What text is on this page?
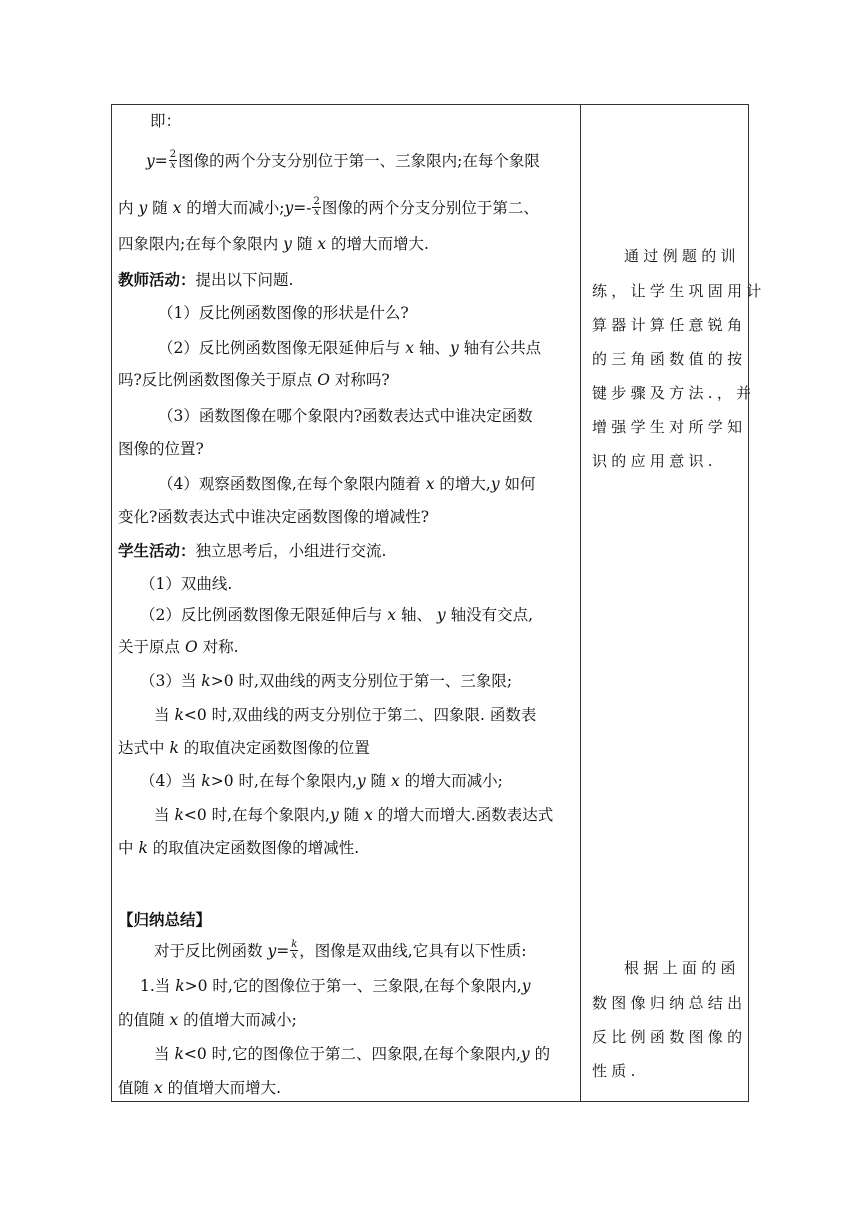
即：
$y= \frac{2}{x}$ 图像的两个分支分别位于第一、三象限内;在每个象限
内 y 随 x 的增大而减小;y=- $\frac{2}{x}$ 图像的两个分支分别位于第二、
四象限内;在每个象限内 y 随 x 的增大而增大.
教师活动：提出以下问题.
（1）反比例函数图像的形状是什么?
（2）反比例函数图像无限延伸后与 x 轴、y 轴有公共点
吗?反比例函数图像关于原点 O 对称吗?
（3）函数图像在哪个象限内?函数表达式中谁决定函数
图像的位置?
（4）观察函数图像,在每个象限内随着 x 的增大,y 如何
变化?函数表达式中谁决定函数图像的增减性?
学生活动：独立思考后，小组进行交流.
（1）双曲线.
（2）反比例函数图像无限延伸后与 x 轴、 y 轴没有交点,
关于原点 O 对称.
（3）当 k>0 时,双曲线的两支分别位于第一、三象限;
当 k<0 时,双曲线的两支分别位于第二、四象限. 函数表
达式中 k 的取值决定函数图像的位置
（4）当 k>0 时,在每个象限内,y 随 x 的增大而减小;
当 k<0 时,在每个象限内,y 随 x 的增大而增大.函数表达式
中 k 的取值决定函数图像的增减性.
【归纳总结】
对于反比例函数 $y= \frac{k}{x}$ ，图像是双曲线,它具有以下性质:
1.当 k>0 时,它的图像位于第一、三象限,在每个象限内,y
的值随 x 的值增大而减小;
当 k<0 时,它的图像位于第二、四象限,在每个象限内,y 的
值随 x 的值增大而增大.
通过例题的训
练，让学生巩固用计
算器计算任意锐角
的三角函数值的按
键步骤及方法.，并
增强学生对所学知
识的应用意识.
根据上面的函
数图像归纳总结出
反比例函数图像的
性质.
